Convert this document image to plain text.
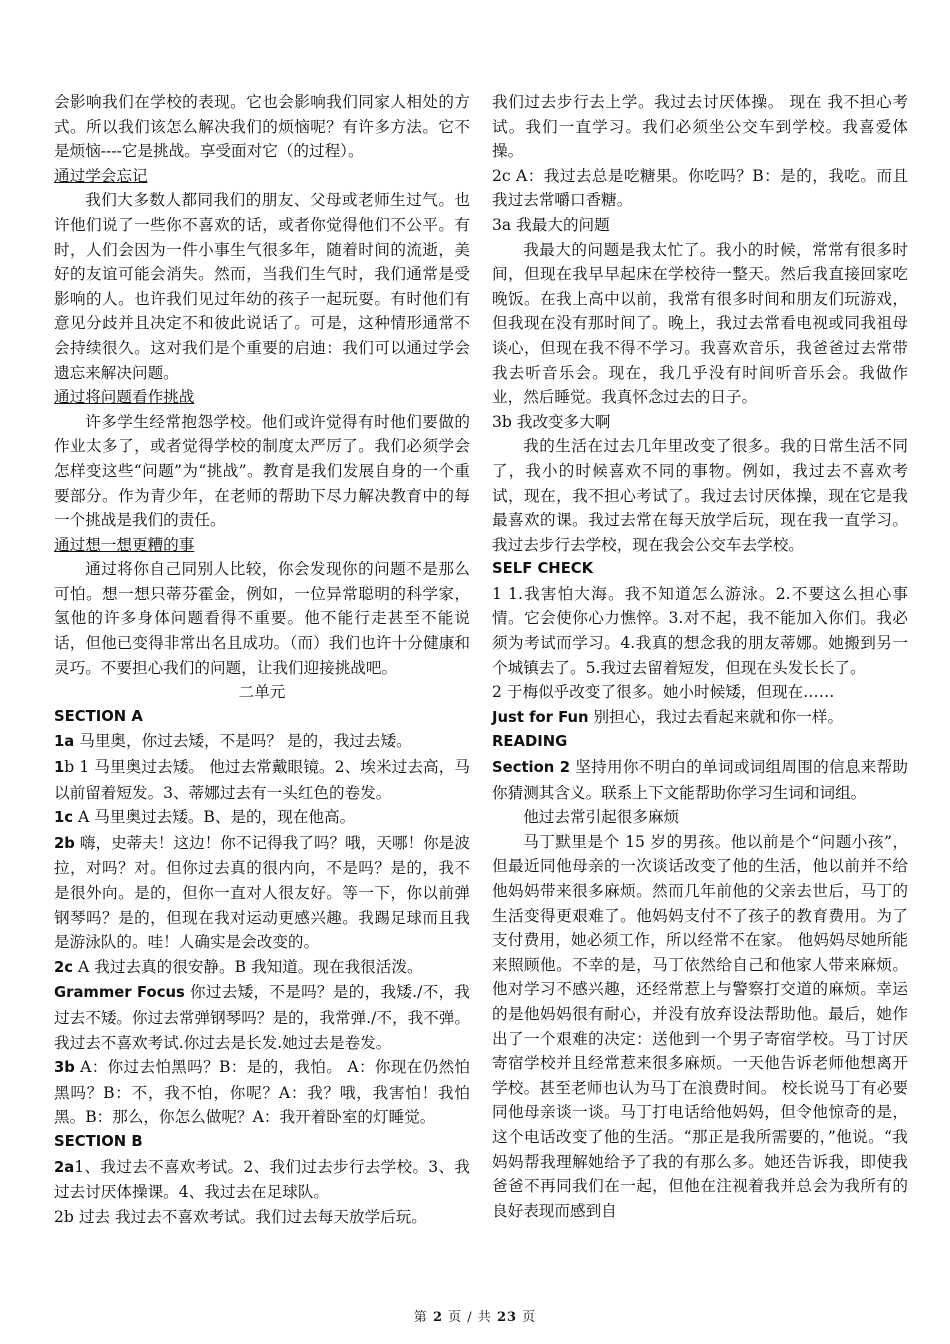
会影响我们在学校的表现。它也会影响我们同家人相处的方式。所以我们该怎么解决我们的烦恼呢？有许多方法。它不是烦恼----它是挑战。享受面对它（的过程）。

通过学会忘记

我们大多数人都同我们的朋友、父母或老师生过气。也许他们说了一些你不喜欢的话，或者你觉得他们不公平。有时，人们会因为一件小事生气很多年，随着时间的流逝，美好的友谊可能会消失。然而，当我们生气时，我们通常是受影响的人。也许我们见过年幼的孩子一起玩耍。有时他们有意见分歧并且决定不和彼此说话了。可是，这种情形通常不会持续很久。这对我们是个重要的启迪：我们可以通过学会遗忘来解决问题。

通过将问题看作挑战

许多学生经常抱怨学校。他们或许觉得有时他们要做的作业太多了，或者觉得学校的制度太严厉了。我们必须学会怎样变这些“问题”为“挑战”。教育是我们发展自身的一个重要部分。作为青少年，在老师的帮助下尽力解决教育中的每一个挑战是我们的责任。

通过想一想更糟的事

通过将你自己同别人比较，你会发现你的问题不是那么可怕。想一想只蒂芬霍金，例如，一位异常聪明的科学家，氢他的许多身体问题看得不重要。他不能行走甚至不能说话，但他已变得非常出名且成功。（而）我们也许十分健康和灵巧。不要担心我们的问题，让我们迎接挑战吧。

二单元

SECTION A

1a 马里奥，你过去矮，不是吗？ 是的，我过去矮。

1b 1 马里奥过去矮。 他过去常戴眼镜。2、埃米过去高，马以前留着短发。3、蒂娜过去有一头红色的卷发。

1c A 马里奥过去矮。B、是的，现在他高。

2b 嗨，史蒂夫！这边！你不记得我了吗？哦，天哪！你是波拉，对吗？对。但你过去真的很内向，不是吗？是的，我不是很外向。是的，但你一直对人很友好。等一下，你以前弹钢琴吗？是的，但现在我对运动更感兴趣。我踢足球而且我是游泳队的。哇！人确实是会改变的。

2c A 我过去真的很安静。B 我知道。现在我很活泼。

Grammer Focus 你过去矮，不是吗？是的，我矮./不，我过去不矮。你过去常弹钢琴吗？是的，我常弹./不，我不弹。我过去不喜欢考试.你过去是长发.她过去是卷发。

3b A：你过去怕黑吗？B：是的，我怕。 A：你现在仍然怕黑吗？B：不，我不怕，你呢？A：我？哦，我害怕！我怕黑。B：那么，你怎么做呢？A：我开着卧室的灯睡觉。

SECTION B

2a1、我过去不喜欢考试。2、我们过去步行去学校。3、我过去讨厌体操课。4、我过去在足球队。

2b 过去 我过去不喜欢考试。我们过去每天放学后玩。

我们过去步行去上学。我过去讨厌体操。 现在 我不担心考试。我们一直学习。我们必须坐公交车到学校。我喜爱体操。

2c A：我过去总是吃糖果。你吃吗？B：是的，我吃。而且我过去常嚼口香糖。

3a 我最大的问题

我最大的问题是我太忙了。我小的时候，常常有很多时间，但现在我早早起床在学校待一整天。然后我直接回家吃晚饭。在我上高中以前，我常有很多时间和朋友们玩游戏，但我现在没有那时间了。晚上，我过去常看电视或同我祖母谈心，但现在我不得不学习。我喜欢音乐，我爸爸过去常带我去听音乐会。现在，我几乎没有时间听音乐会。我做作业，然后睡觉。我真怀念过去的日子。

3b 我改变多大啊

我的生活在过去几年里改变了很多。我的日常生活不同了，我小的时候喜欢不同的事物。例如，我过去不喜欢考试，现在，我不担心考试了。我过去讨厌体操，现在它是我最喜欢的课。我过去常在每天放学后玩，现在我一直学习。我过去步行去学校，现在我会公交车去学校。

SELF CHECK

1 1.我害怕大海。我不知道怎么游泳。2.不要这么担心事情。它会使你心力憔悴。3.对不起，我不能加入你们。我必须为考试而学习。4.我真的想念我的朋友蒂娜。她搬到另一个城镇去了。5.我过去留着短发，但现在头发长长了。

2 于梅似乎改变了很多。她小时候矮，但现在……

Just for Fun 别担心，我过去看起来就和你一样。

READING

Section 2 坚持用你不明白的单词或词组周围的信息来帮助你猜测其含义。联系上下文能帮助你学习生词和词组。

他过去常引起很多麻烦

马丁默里是个 15 岁的男孩。他以前是个“问题小孩”，但最近同他母亲的一次谈话改变了他的生活，他以前并不给他妈妈带来很多麻烦。然而几年前他的父亲去世后，马丁的生活变得更艰难了。他妈妈支付不了孩子的教育费用。为了支付费用，她必须工作，所以经常不在家。 他妈妈尽她所能来照顾他。不幸的是，马丁依然给自己和他家人带来麻烦。他对学习不感兴趣，还经常惹上与警察打交道的麻烦。幸运的是他妈妈很有耐心，并没有放弃设法帮助他。最后，她作出了一个艰难的决定：送他到一个男子寄宿学校。马丁讨厌寄宿学校并且经常惹来很多麻烦。一天他告诉老师他想离开学校。甚至老师也认为马丁在浪费时间。 校长说马丁有必要同他母亲谈一谈。马丁打电话给他妈妈，但令他惊奇的是，这个电话改变了他的生活。“那正是我所需要的，”他说。“我妈妈帮我理解她给予了我的有那么多。她还告诉我，即使我爸爸不再同我们在一起，但他在注视着我并总会为我所有的良好表现而感到自

第 2 页 / 共 23 页
